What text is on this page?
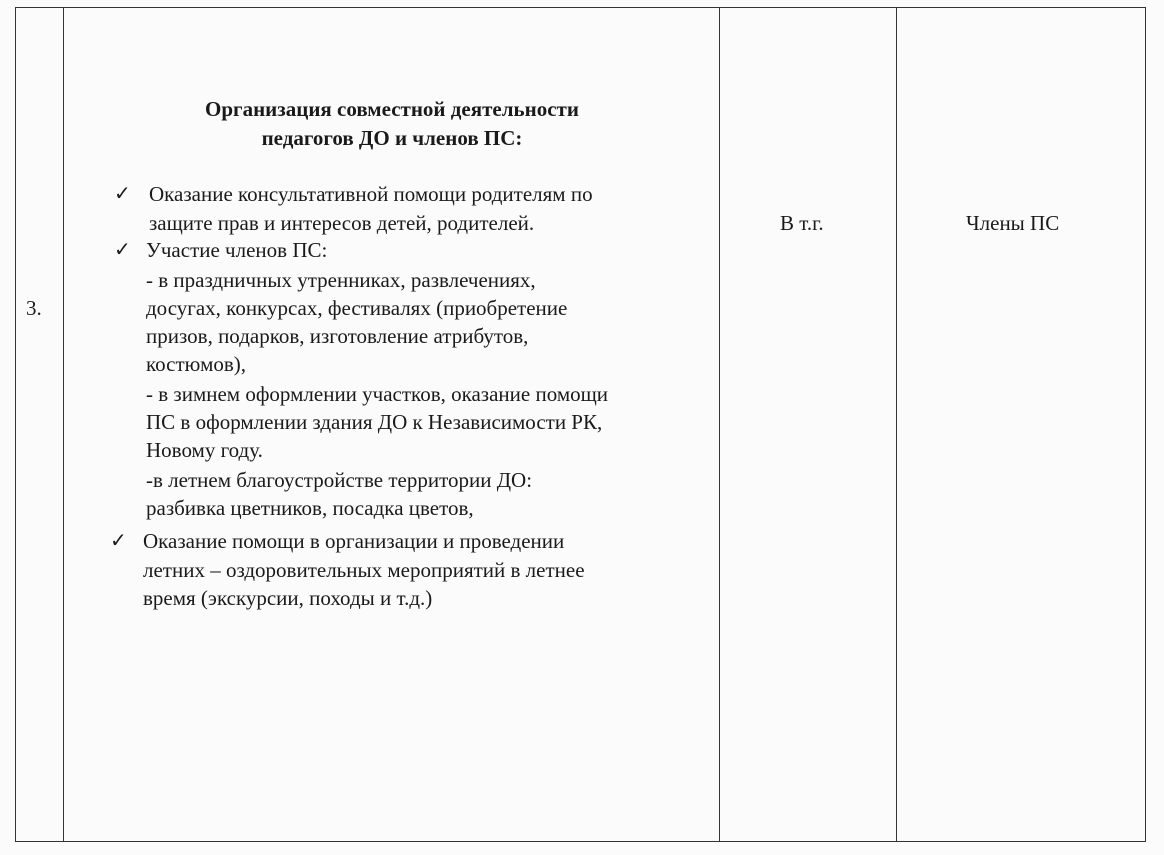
3.
Организация совместной деятельности
педагогов ДО и членов ПС:
✓
✓
✓
Оказание консультативной помощи родителям по
защите прав и интересов детей, родителей.
Участие членов ПС:
- в праздничных утренниках, развлечениях,
досугах, конкурсах, фестивалях (приобретение
призов, подарков, изготовление атрибутов,
костюмов),
- в зимнем оформлении участков, оказание помощи
ПС в оформлении здания ДО к Независимости РК,
Новому году.
-в летнем благоустройстве территории ДО:
разбивка цветников, посадка цветов,
Оказание помощи в организации и проведении
летних – оздоровительных мероприятий в летнее
время (экскурсии, походы и т.д.)
В т.г.	Члены ПС
